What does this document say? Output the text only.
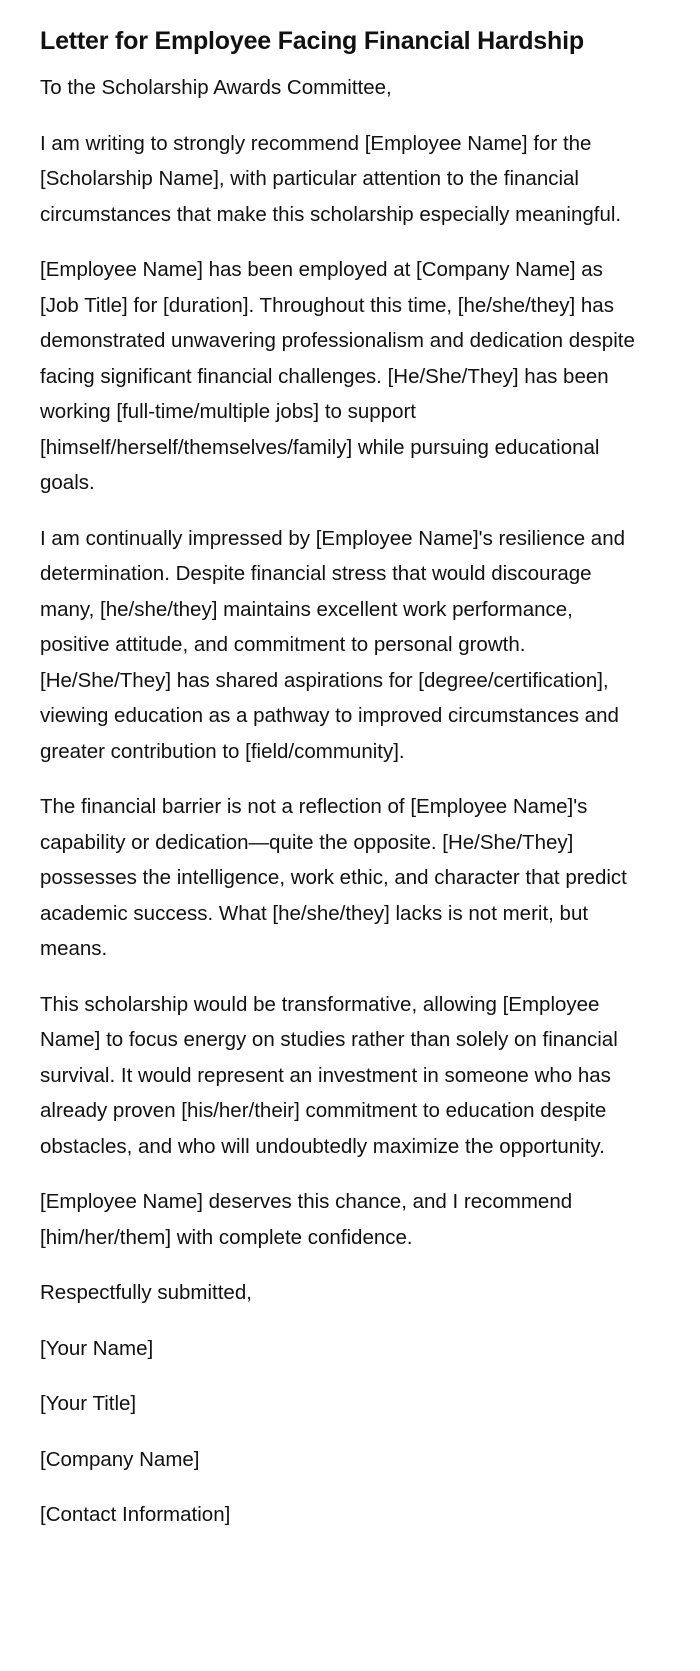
Letter for Employee Facing Financial Hardship

To the Scholarship Awards Committee,

I am writing to strongly recommend [Employee Name] for the [Scholarship Name], with particular attention to the financial circumstances that make this scholarship especially meaningful.

[Employee Name] has been employed at [Company Name] as [Job Title] for [duration]. Throughout this time, [he/she/they] has demonstrated unwavering professionalism and dedication despite facing significant financial challenges. [He/She/They] has been working [full-time/multiple jobs] to support [himself/herself/themselves/family] while pursuing educational goals.

I am continually impressed by [Employee Name]'s resilience and determination. Despite financial stress that would discourage many, [he/she/they] maintains excellent work performance, positive attitude, and commitment to personal growth. [He/She/They] has shared aspirations for [degree/certification], viewing education as a pathway to improved circumstances and greater contribution to [field/community].

The financial barrier is not a reflection of [Employee Name]'s capability or dedication—quite the opposite. [He/She/They] possesses the intelligence, work ethic, and character that predict academic success. What [he/she/they] lacks is not merit, but means.

This scholarship would be transformative, allowing [Employee Name] to focus energy on studies rather than solely on financial survival. It would represent an investment in someone who has already proven [his/her/their] commitment to education despite obstacles, and who will undoubtedly maximize the opportunity.

[Employee Name] deserves this chance, and I recommend [him/her/them] with complete confidence.

Respectfully submitted,

[Your Name]

[Your Title]

[Company Name]

[Contact Information]
